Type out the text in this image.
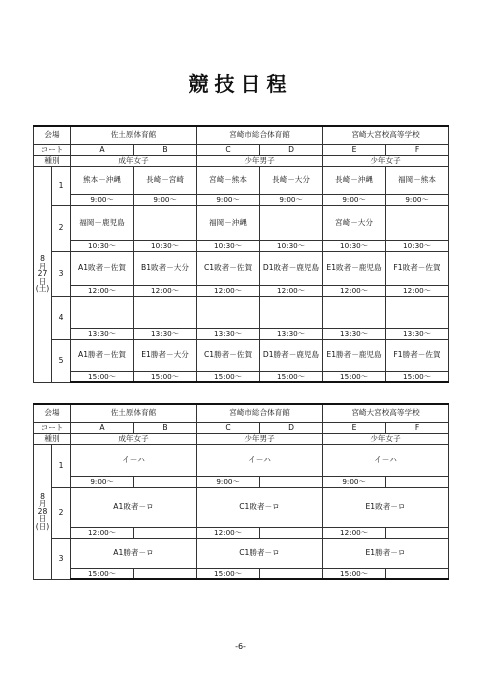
競技日程
会場		佐土原体育館		宮崎市総合体育館		宮崎大宮校高等学校	
コート		A	B	C	D	E	F
種別		成年女子		少年男子		少年女子	
8
月
27
日
(土)	1	熊本－沖縄	長崎－宮崎	宮崎－熊本	長崎－大分	長崎－沖縄	福岡－熊本
		9:00～	9:00～	9:00～	9:00～	9:00～	9:00～
	2	福岡－鹿児島		福岡－沖縄		宮崎－大分	
		10:30～	10:30～	10:30～	10:30～	10:30～	10:30～
	3	A1敗者－佐賀	B1敗者－大分	C1敗者－佐賀	D1敗者－鹿児島	E1敗者－鹿児島	F1敗者－佐賀
		12:00～	12:00～	12:00～	12:00～	12:00～	12:00～
	4						
		13:30～	13:30～	13:30～	13:30～	13:30～	13:30～
	5	A1勝者－佐賀	E1勝者－大分	C1勝者－佐賀	D1勝者－鹿児島	E1勝者－鹿児島	F1勝者－佐賀
		15:00～	15:00～	15:00～	15:00～	15:00～	15:00～
会場		佐土原体育館		宮崎市総合体育館		宮崎大宮校高等学校	
コート		A	B	C	D	E	F
種別		成年女子		少年男子		少年女子	
8
月
28
日
(日)	1	イ－ハ		イ－ハ		イ－ハ	
		9:00～		9:00～		9:00～	
	2	A1敗者－ロ		C1敗者－ロ		E1敗者－ロ	
		12:00～		12:00～		12:00～	
	3	A1勝者－ロ		C1勝者－ロ		E1勝者－ロ	
		15:00～		15:00～		15:00～	
-6-
